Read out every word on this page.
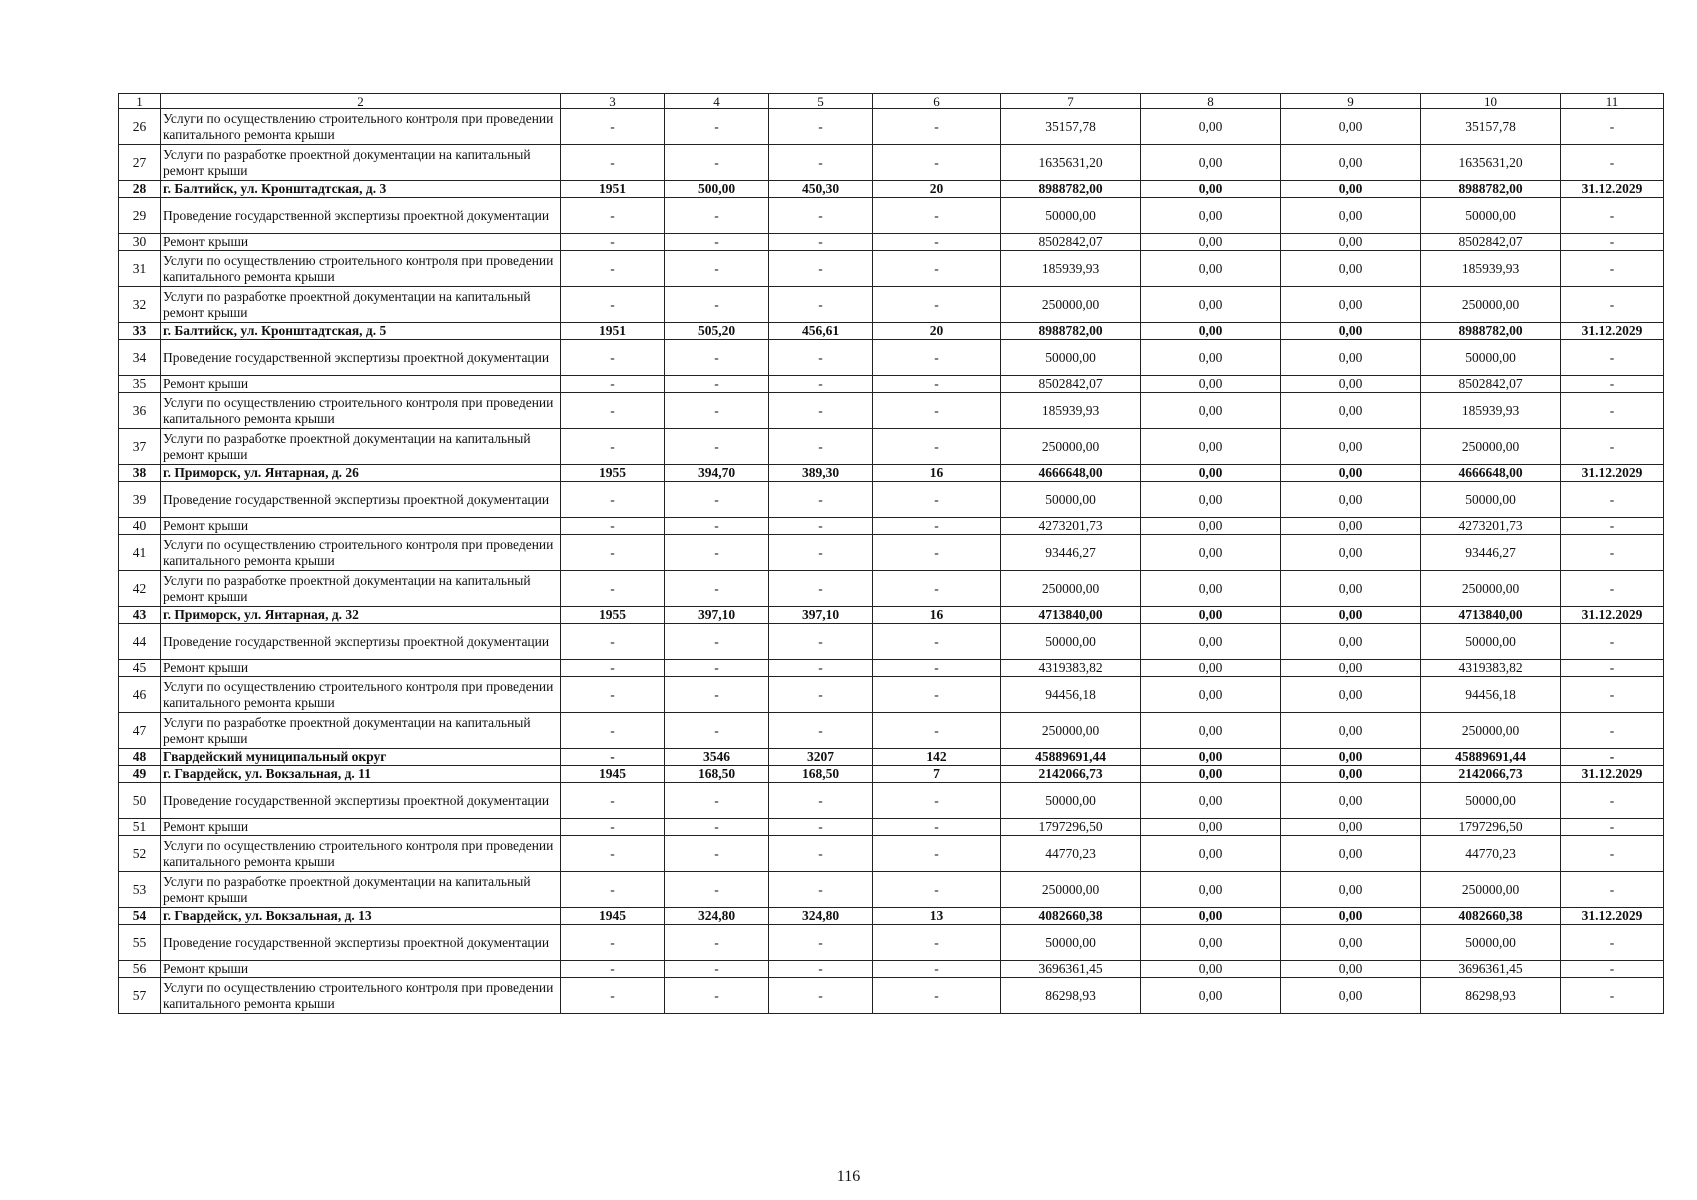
1	2	3	4	5	6	7	8	9	10	11
26	Услуги по осуществлению строительного контроля при проведении капитального ремонта крыши	-	-	-	-	35157,78	0,00	0,00	35157,78	-
27	Услуги по разработке проектной документации на капитальный ремонт крыши	-	-	-	-	1635631,20	0,00	0,00	1635631,20	-
28	г. Балтийск, ул. Кронштадтская, д. 3	1951	500,00	450,30	20	8988782,00	0,00	0,00	8988782,00	31.12.2029
29	Проведение государственной экспертизы проектной документации	-	-	-	-	50000,00	0,00	0,00	50000,00	-
30	Ремонт крыши	-	-	-	-	8502842,07	0,00	0,00	8502842,07	-
31	Услуги по осуществлению строительного контроля при проведении капитального ремонта крыши	-	-	-	-	185939,93	0,00	0,00	185939,93	-
32	Услуги по разработке проектной документации на капитальный ремонт крыши	-	-	-	-	250000,00	0,00	0,00	250000,00	-
33	г. Балтийск, ул. Кронштадтская, д. 5	1951	505,20	456,61	20	8988782,00	0,00	0,00	8988782,00	31.12.2029
34	Проведение государственной экспертизы проектной документации	-	-	-	-	50000,00	0,00	0,00	50000,00	-
35	Ремонт крыши	-	-	-	-	8502842,07	0,00	0,00	8502842,07	-
36	Услуги по осуществлению строительного контроля при проведении капитального ремонта крыши	-	-	-	-	185939,93	0,00	0,00	185939,93	-
37	Услуги по разработке проектной документации на капитальный ремонт крыши	-	-	-	-	250000,00	0,00	0,00	250000,00	-
38	г. Приморск, ул. Янтарная, д. 26	1955	394,70	389,30	16	4666648,00	0,00	0,00	4666648,00	31.12.2029
39	Проведение государственной экспертизы проектной документации	-	-	-	-	50000,00	0,00	0,00	50000,00	-
40	Ремонт крыши	-	-	-	-	4273201,73	0,00	0,00	4273201,73	-
41	Услуги по осуществлению строительного контроля при проведении капитального ремонта крыши	-	-	-	-	93446,27	0,00	0,00	93446,27	-
42	Услуги по разработке проектной документации на капитальный ремонт крыши	-	-	-	-	250000,00	0,00	0,00	250000,00	-
43	г. Приморск, ул. Янтарная, д. 32	1955	397,10	397,10	16	4713840,00	0,00	0,00	4713840,00	31.12.2029
44	Проведение государственной экспертизы проектной документации	-	-	-	-	50000,00	0,00	0,00	50000,00	-
45	Ремонт крыши	-	-	-	-	4319383,82	0,00	0,00	4319383,82	-
46	Услуги по осуществлению строительного контроля при проведении капитального ремонта крыши	-	-	-	-	94456,18	0,00	0,00	94456,18	-
47	Услуги по разработке проектной документации на капитальный ремонт крыши	-	-	-	-	250000,00	0,00	0,00	250000,00	-
48	Гвардейский муниципальный округ	-	3546	3207	142	45889691,44	0,00	0,00	45889691,44	-
49	г. Гвардейск, ул. Вокзальная, д. 11	1945	168,50	168,50	7	2142066,73	0,00	0,00	2142066,73	31.12.2029
50	Проведение государственной экспертизы проектной документации	-	-	-	-	50000,00	0,00	0,00	50000,00	-
51	Ремонт крыши	-	-	-	-	1797296,50	0,00	0,00	1797296,50	-
52	Услуги по осуществлению строительного контроля при проведении капитального ремонта крыши	-	-	-	-	44770,23	0,00	0,00	44770,23	-
53	Услуги по разработке проектной документации на капитальный ремонт крыши	-	-	-	-	250000,00	0,00	0,00	250000,00	-
54	г. Гвардейск, ул. Вокзальная, д. 13	1945	324,80	324,80	13	4082660,38	0,00	0,00	4082660,38	31.12.2029
55	Проведение государственной экспертизы проектной документации	-	-	-	-	50000,00	0,00	0,00	50000,00	-
56	Ремонт крыши	-	-	-	-	3696361,45	0,00	0,00	3696361,45	-
57	Услуги по осуществлению строительного контроля при проведении капитального ремонта крыши	-	-	-	-	86298,93	0,00	0,00	86298,93	-
116
